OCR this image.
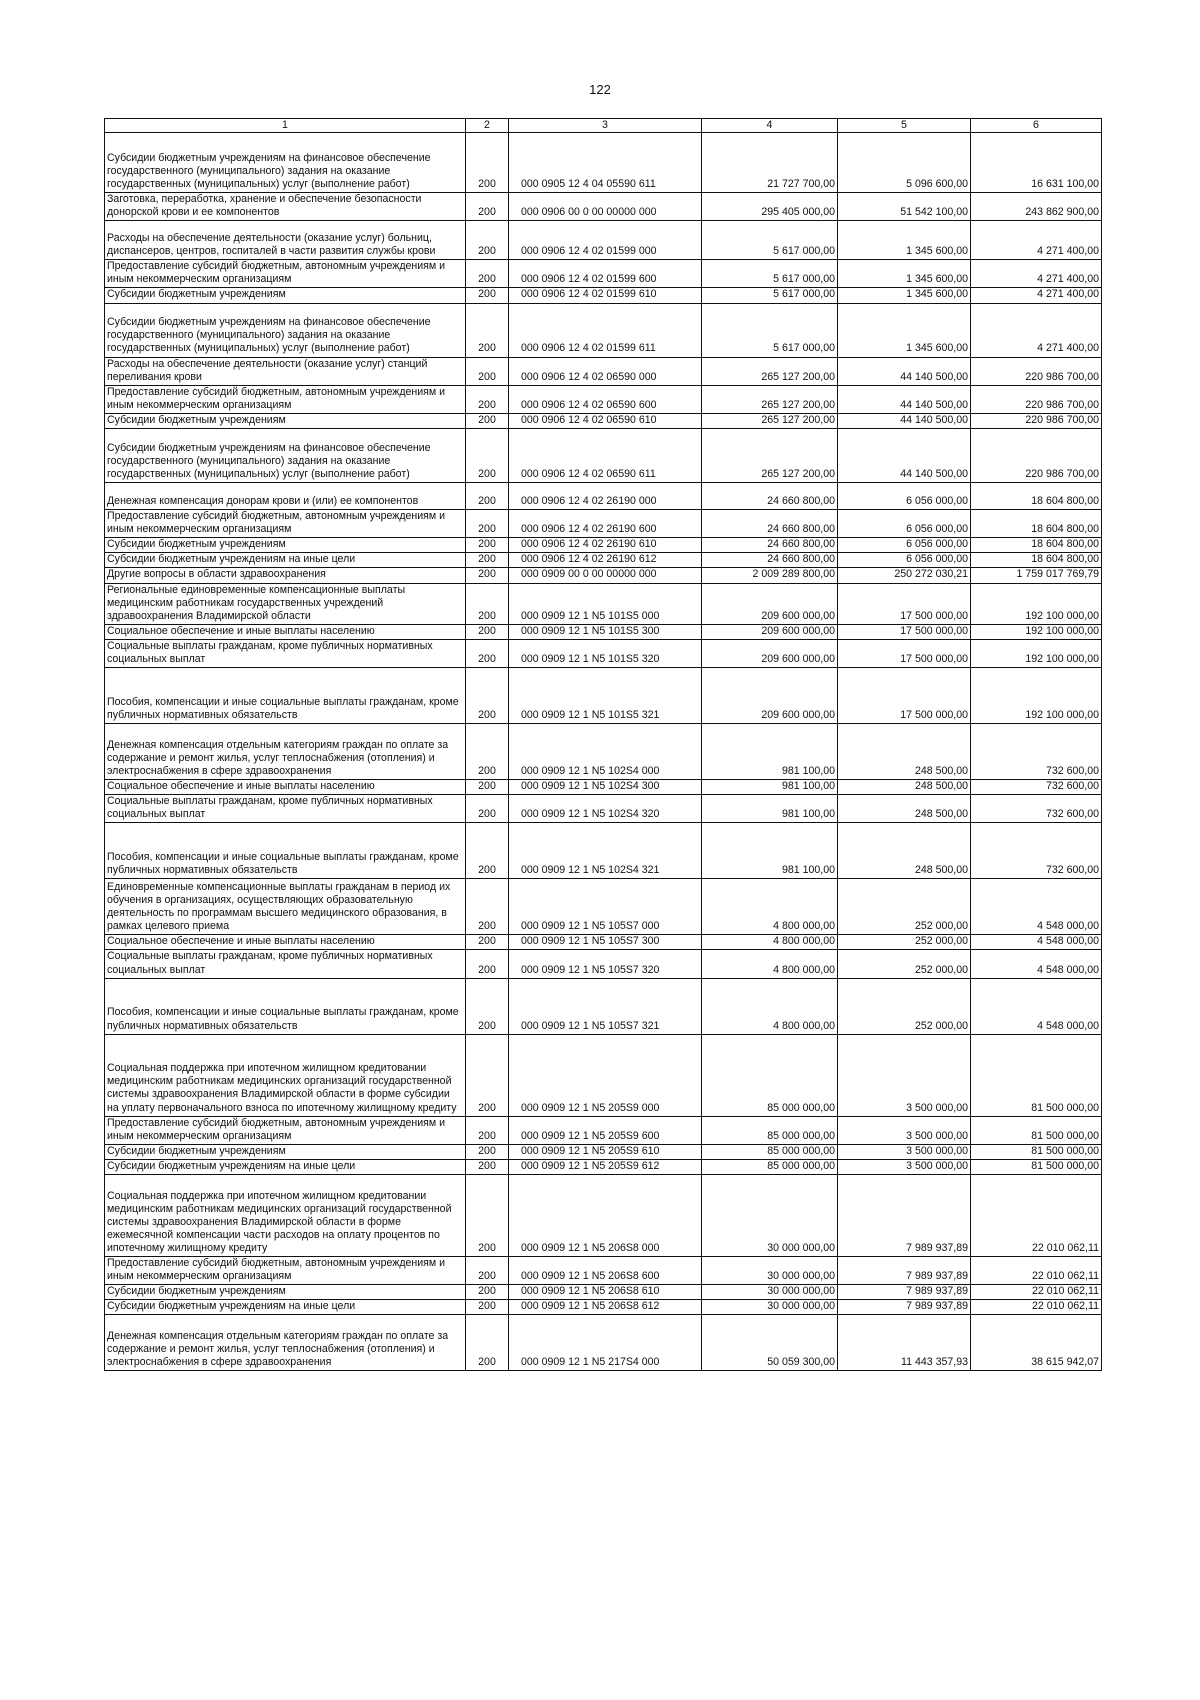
122
1	2	3	4	5	6
Субсидии бюджетным учреждениям на финансовое обеспечение государственного (муниципального) задания на оказание государственных (муниципальных) услуг (выполнение работ)	200	000 0905 12 4 04 05590 611	21 727 700,00	5 096 600,00	16 631 100,00
Заготовка, переработка, хранение и обеспечение безопасности донорской крови и ее компонентов	200	000 0906 00 0 00 00000 000	295 405 000,00	51 542 100,00	243 862 900,00
Расходы на обеспечение деятельности (оказание услуг) больниц, диспансеров, центров, госпиталей в части развития службы крови	200	000 0906 12 4 02 01599 000	5 617 000,00	1 345 600,00	4 271 400,00
Предоставление субсидий бюджетным, автономным учреждениям и иным некоммерческим организациям	200	000 0906 12 4 02 01599 600	5 617 000,00	1 345 600,00	4 271 400,00
Субсидии бюджетным учреждениям	200	000 0906 12 4 02 01599 610	5 617 000,00	1 345 600,00	4 271 400,00
Субсидии бюджетным учреждениям на финансовое обеспечение государственного (муниципального) задания на оказание государственных (муниципальных) услуг (выполнение работ)	200	000 0906 12 4 02 01599 611	5 617 000,00	1 345 600,00	4 271 400,00
Расходы на обеспечение деятельности (оказание услуг) станций переливания крови	200	000 0906 12 4 02 06590 000	265 127 200,00	44 140 500,00	220 986 700,00
Предоставление субсидий бюджетным, автономным учреждениям и иным некоммерческим организациям	200	000 0906 12 4 02 06590 600	265 127 200,00	44 140 500,00	220 986 700,00
Субсидии бюджетным учреждениям	200	000 0906 12 4 02 06590 610	265 127 200,00	44 140 500,00	220 986 700,00
Субсидии бюджетным учреждениям на финансовое обеспечение государственного (муниципального) задания на оказание государственных (муниципальных) услуг (выполнение работ)	200	000 0906 12 4 02 06590 611	265 127 200,00	44 140 500,00	220 986 700,00
Денежная компенсация донорам крови и (или) ее компонентов	200	000 0906 12 4 02 26190 000	24 660 800,00	6 056 000,00	18 604 800,00
Предоставление субсидий бюджетным, автономным учреждениям и иным некоммерческим организациям	200	000 0906 12 4 02 26190 600	24 660 800,00	6 056 000,00	18 604 800,00
Субсидии бюджетным учреждениям	200	000 0906 12 4 02 26190 610	24 660 800,00	6 056 000,00	18 604 800,00
Субсидии бюджетным учреждениям на иные цели	200	000 0906 12 4 02 26190 612	24 660 800,00	6 056 000,00	18 604 800,00
Другие вопросы в области здравоохранения	200	000 0909 00 0 00 00000 000	2 009 289 800,00	250 272 030,21	1 759 017 769,79
Региональные единовременные компенсационные выплаты медицинским работникам государственных учреждений здравоохранения Владимирской области	200	000 0909 12 1 N5 101S5 000	209 600 000,00	17 500 000,00	192 100 000,00
Социальное обеспечение и иные выплаты населению	200	000 0909 12 1 N5 101S5 300	209 600 000,00	17 500 000,00	192 100 000,00
Социальные выплаты гражданам, кроме публичных нормативных социальных выплат	200	000 0909 12 1 N5 101S5 320	209 600 000,00	17 500 000,00	192 100 000,00
Пособия, компенсации и иные социальные выплаты гражданам, кроме публичных нормативных обязательств	200	000 0909 12 1 N5 101S5 321	209 600 000,00	17 500 000,00	192 100 000,00
Денежная компенсация отдельным категориям граждан по оплате за содержание и ремонт жилья, услуг теплоснабжения (отопления) и электроснабжения в сфере здравоохранения	200	000 0909 12 1 N5 102S4 000	981 100,00	248 500,00	732 600,00
Социальное обеспечение и иные выплаты населению	200	000 0909 12 1 N5 102S4 300	981 100,00	248 500,00	732 600,00
Социальные выплаты гражданам, кроме публичных нормативных социальных выплат	200	000 0909 12 1 N5 102S4 320	981 100,00	248 500,00	732 600,00
Пособия, компенсации и иные социальные выплаты гражданам, кроме публичных нормативных обязательств	200	000 0909 12 1 N5 102S4 321	981 100,00	248 500,00	732 600,00
Единовременные компенсационные выплаты гражданам в период их обучения в организациях, осуществляющих образовательную деятельность по программам высшего медицинского образования, в рамках целевого приема	200	000 0909 12 1 N5 105S7 000	4 800 000,00	252 000,00	4 548 000,00
Социальное обеспечение и иные выплаты населению	200	000 0909 12 1 N5 105S7 300	4 800 000,00	252 000,00	4 548 000,00
Социальные выплаты гражданам, кроме публичных нормативных социальных выплат	200	000 0909 12 1 N5 105S7 320	4 800 000,00	252 000,00	4 548 000,00
Пособия, компенсации и иные социальные выплаты гражданам, кроме публичных нормативных обязательств	200	000 0909 12 1 N5 105S7 321	4 800 000,00	252 000,00	4 548 000,00
Социальная поддержка при ипотечном жилищном кредитовании медицинским работникам медицинских организаций государственной системы здравоохранения Владимирской области в форме субсидии на уплату первоначального взноса по ипотечному жилищному кредиту	200	000 0909 12 1 N5 205S9 000	85 000 000,00	3 500 000,00	81 500 000,00
Предоставление субсидий бюджетным, автономным учреждениям и иным некоммерческим организациям	200	000 0909 12 1 N5 205S9 600	85 000 000,00	3 500 000,00	81 500 000,00
Субсидии бюджетным учреждениям	200	000 0909 12 1 N5 205S9 610	85 000 000,00	3 500 000,00	81 500 000,00
Субсидии бюджетным учреждениям на иные цели	200	000 0909 12 1 N5 205S9 612	85 000 000,00	3 500 000,00	81 500 000,00
Социальная поддержка при ипотечном жилищном кредитовании медицинским работникам медицинских организаций государственной системы здравоохранения Владимирской области в форме ежемесячной компенсации части расходов на оплату процентов по ипотечному жилищному кредиту	200	000 0909 12 1 N5 206S8 000	30 000 000,00	7 989 937,89	22 010 062,11
Предоставление субсидий бюджетным, автономным учреждениям и иным некоммерческим организациям	200	000 0909 12 1 N5 206S8 600	30 000 000,00	7 989 937,89	22 010 062,11
Субсидии бюджетным учреждениям	200	000 0909 12 1 N5 206S8 610	30 000 000,00	7 989 937,89	22 010 062,11
Субсидии бюджетным учреждениям на иные цели	200	000 0909 12 1 N5 206S8 612	30 000 000,00	7 989 937,89	22 010 062,11
Денежная компенсация отдельным категориям граждан по оплате за содержание и ремонт жилья, услуг теплоснабжения (отопления) и электроснабжения в сфере здравоохранения	200	000 0909 12 1 N5 217S4 000	50 059 300,00	11 443 357,93	38 615 942,07
